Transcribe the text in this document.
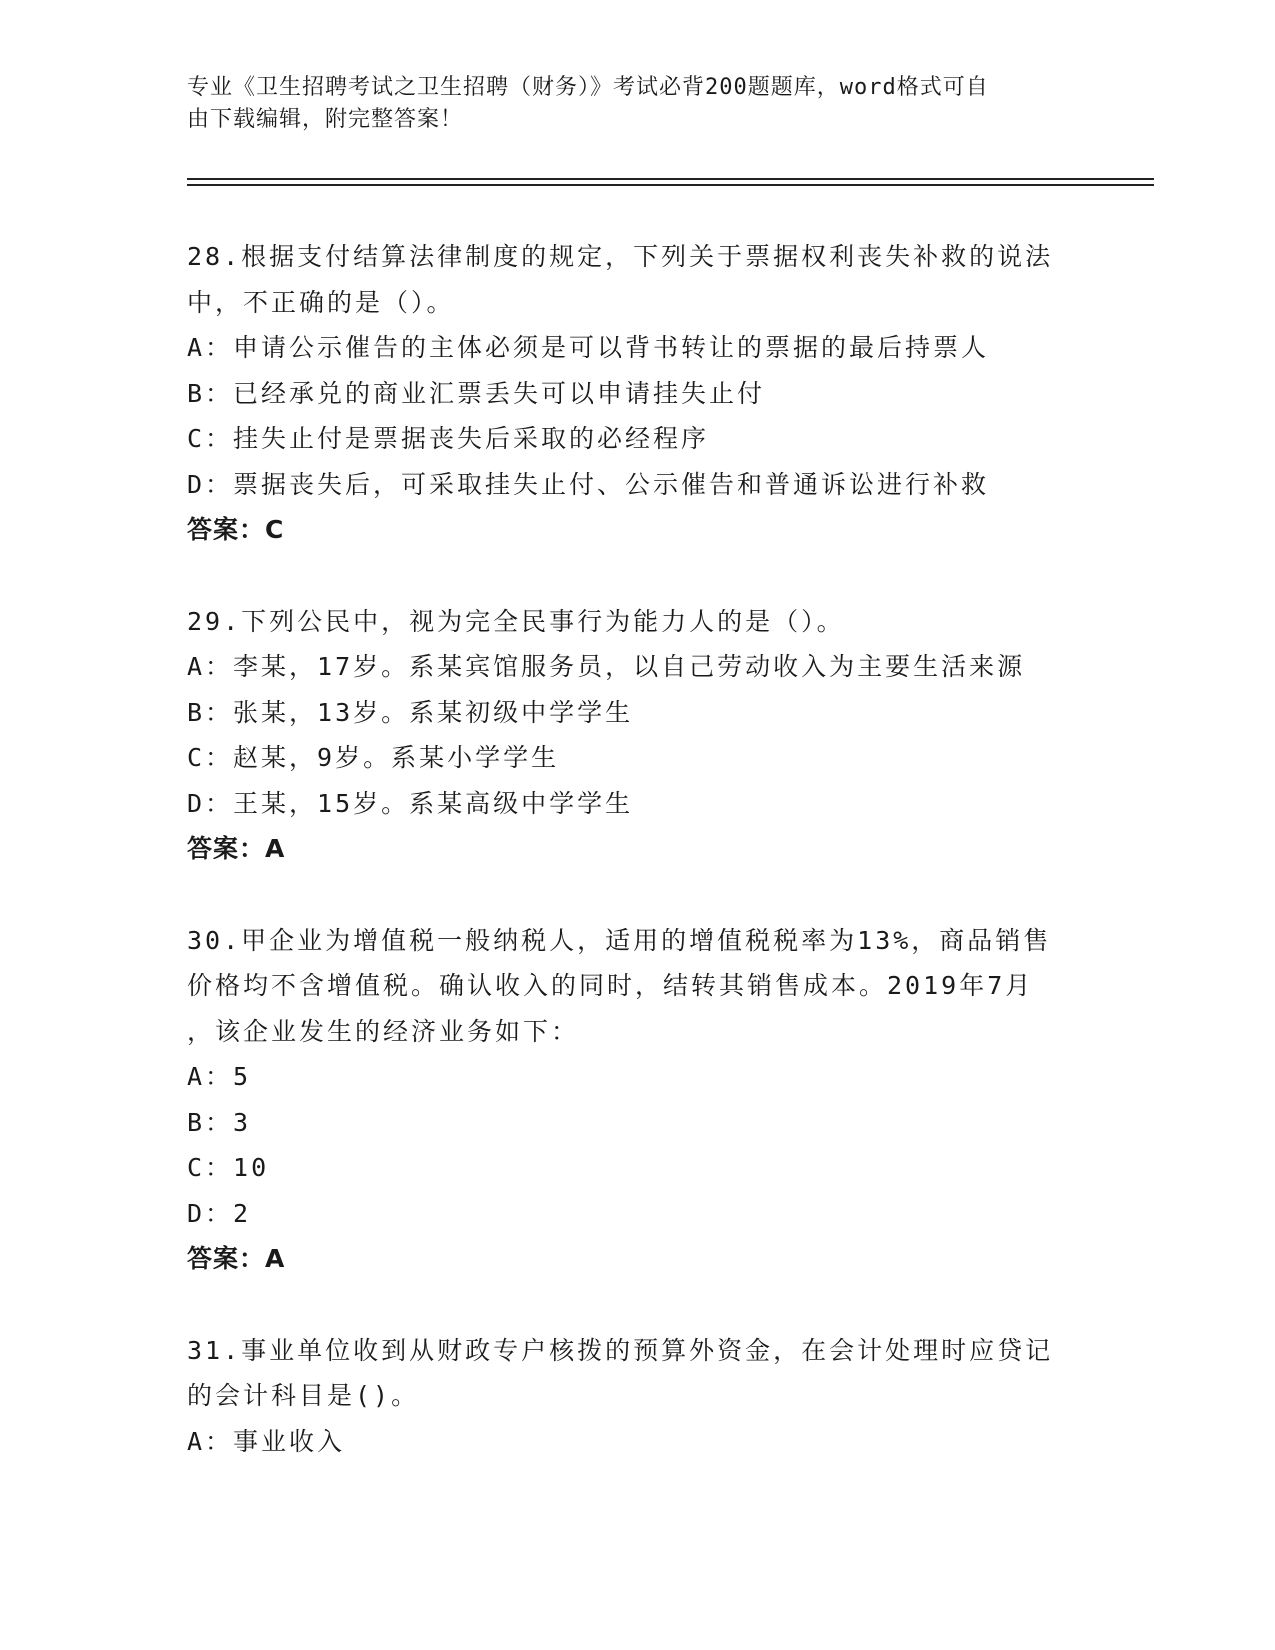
专业《卫生招聘考试之卫生招聘（财务）》考试必背200题题库，word格式可自
由下载编辑，附完整答案！
28.根据支付结算法律制度的规定，下列关于票据权利丧失补救的说法
中，不正确的是（）。
A：申请公示催告的主体必须是可以背书转让的票据的最后持票人
B：已经承兑的商业汇票丢失可以申请挂失止付
C：挂失止付是票据丧失后采取的必经程序
D：票据丧失后，可采取挂失止付、公示催告和普通诉讼进行补救
答案：C
29.下列公民中，视为完全民事行为能力人的是（）。
A：李某，17岁。系某宾馆服务员，以自己劳动收入为主要生活来源
B：张某，13岁。系某初级中学学生
C：赵某，9岁。系某小学学生
D：王某，15岁。系某高级中学学生
答案：A
30.甲企业为增值税一般纳税人，适用的增值税税率为13%，商品销售
价格均不含增值税。确认收入的同时，结转其销售成本。2019年7月
，该企业发生的经济业务如下：
A：5
B：3
C：10
D：2
答案：A
31.事业单位收到从财政专户核拨的预算外资金，在会计处理时应贷记
的会计科目是()。
A：事业收入
